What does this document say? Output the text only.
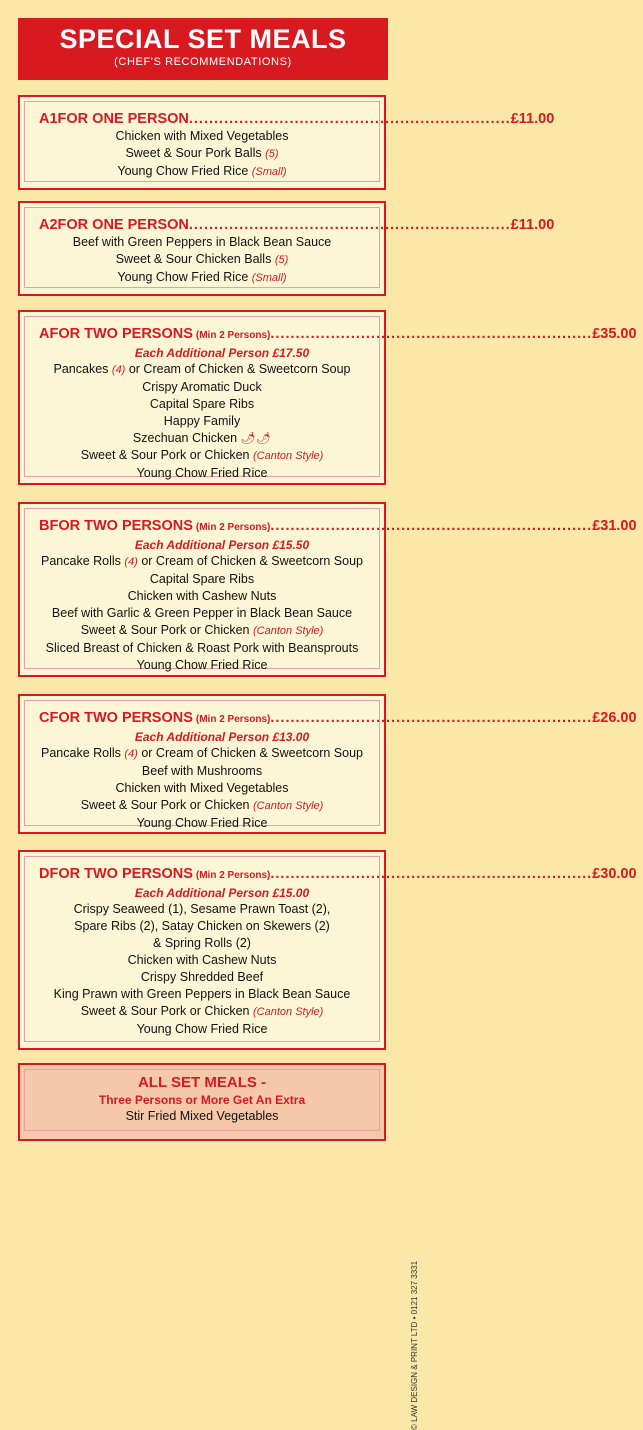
SPECIAL SET MEALS
(CHEF'S RECOMMENDATIONS)
A1 FOR ONE PERSON .....	£11.00
Chicken with Mixed Vegetables
Sweet & Sour Pork Balls (5)
Young Chow Fried Rice (Small)
A2 FOR ONE PERSON .....	£11.00
Beef with Green Peppers in Black Bean Sauce
Sweet & Sour Chicken Balls (5)
Young Chow Fried Rice (Small)
A FOR TWO PERSONS (Min 2 Persons) .....	£35.00
Each Additional Person £17.50
Pancakes (4) or Cream of Chicken & Sweetcorn Soup
Crispy Aromatic Duck
Capital Spare Ribs
Happy Family
Szechuan Chicken 🌶🌶
Sweet & Sour Pork or Chicken (Canton Style)
Young Chow Fried Rice
B FOR TWO PERSONS (Min 2 Persons) .....	£31.00
Each Additional Person £15.50
Pancake Rolls (4) or Cream of Chicken & Sweetcorn Soup
Capital Spare Ribs
Chicken with Cashew Nuts
Beef with Garlic & Green Pepper in Black Bean Sauce
Sweet & Sour Pork or Chicken (Canton Style)
Sliced Breast of Chicken & Roast Pork with Beansprouts
Young Chow Fried Rice
C FOR TWO PERSONS (Min 2 Persons) .....	£26.00
Each Additional Person £13.00
Pancake Rolls (4) or Cream of Chicken & Sweetcorn Soup
Beef with Mushrooms
Chicken with Mixed Vegetables
Sweet & Sour Pork or Chicken (Canton Style)
Young Chow Fried Rice
D FOR TWO PERSONS (Min 2 Persons) .....	£30.00
Each Additional Person £15.00
Crispy Seaweed (1), Sesame Prawn Toast (2),
Spare Ribs (2), Satay Chicken on Skewers (2)
& Spring Rolls (2)
Chicken with Cashew Nuts
Crispy Shredded Beef
King Prawn with Green Peppers in Black Bean Sauce
Sweet & Sour Pork or Chicken (Canton Style)
Young Chow Fried Rice
ALL SET MEALS -
Three Persons or More Get An Extra
Stir Fried Mixed Vegetables
© LAW DESIGN & PRINT LTD • 0121 327 3331
